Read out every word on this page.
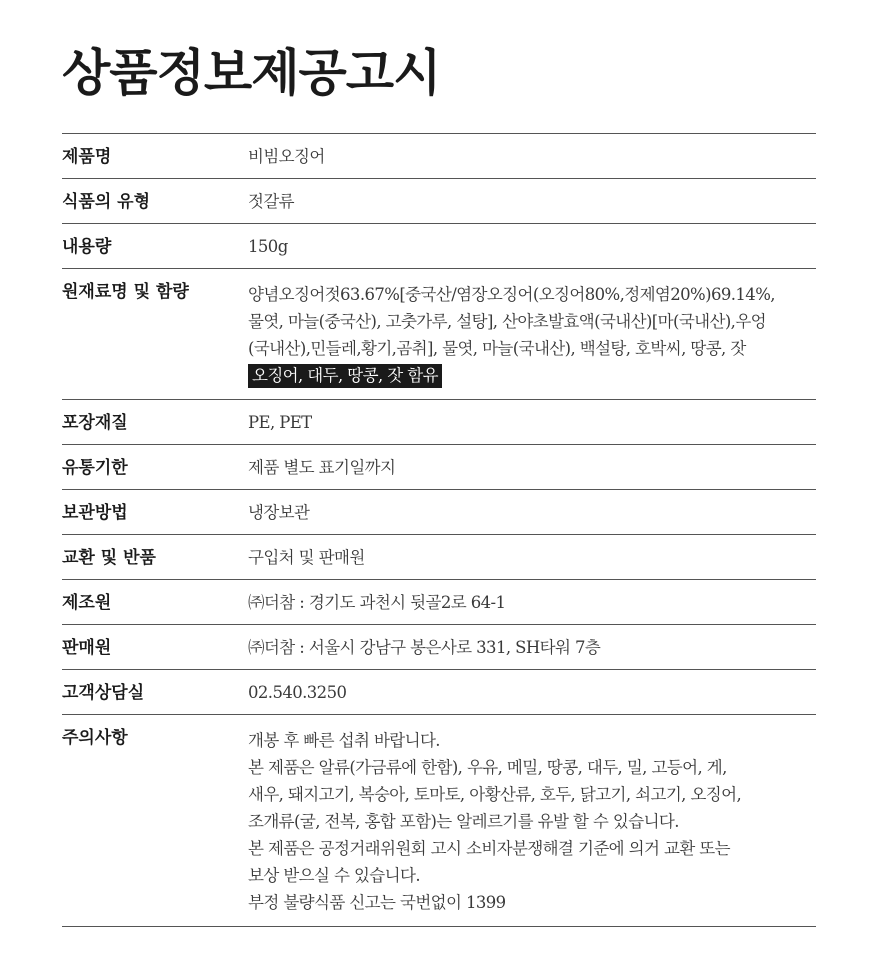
상품정보제공고시
제품명	비빔오징어
식품의 유형	젓갈류
내용량	150g
원재료명 및 함량	양념오징어젓63.67%[중국산/염장오징어(오징어80%,정제염20%)69.14%,
물엿, 마늘(중국산), 고춧가루, 설탕], 산야초발효액(국내산)[마(국내산),우엉
(국내산),민들레,황기,곰취], 물엿, 마늘(국내산), 백설탕, 호박씨, 땅콩, 잣
오징어, 대두, 땅콩, 잣 함유
포장재질	PE, PET
유통기한	제품 별도 표기일까지
보관방법	냉장보관
교환 및 반품	구입처 및 판매원
제조원	㈜더참 : 경기도 과천시 뒷골2로 64-1
판매원	㈜더참 : 서울시 강남구 봉은사로 331, SH타워 7층
고객상담실	02.540.3250
주의사항	개봉 후 빠른 섭취 바랍니다.
본 제품은 알류(가금류에 한함), 우유, 메밀, 땅콩, 대두, 밀, 고등어, 게,
새우, 돼지고기, 복숭아, 토마토, 아황산류, 호두, 닭고기, 쇠고기, 오징어,
조개류(굴, 전복, 홍합 포함)는 알레르기를 유발 할 수 있습니다.
본 제품은 공정거래위원회 고시 소비자분쟁해결 기준에 의거 교환 또는
보상 받으실 수 있습니다.
부정 불량식품 신고는 국번없이 1399
